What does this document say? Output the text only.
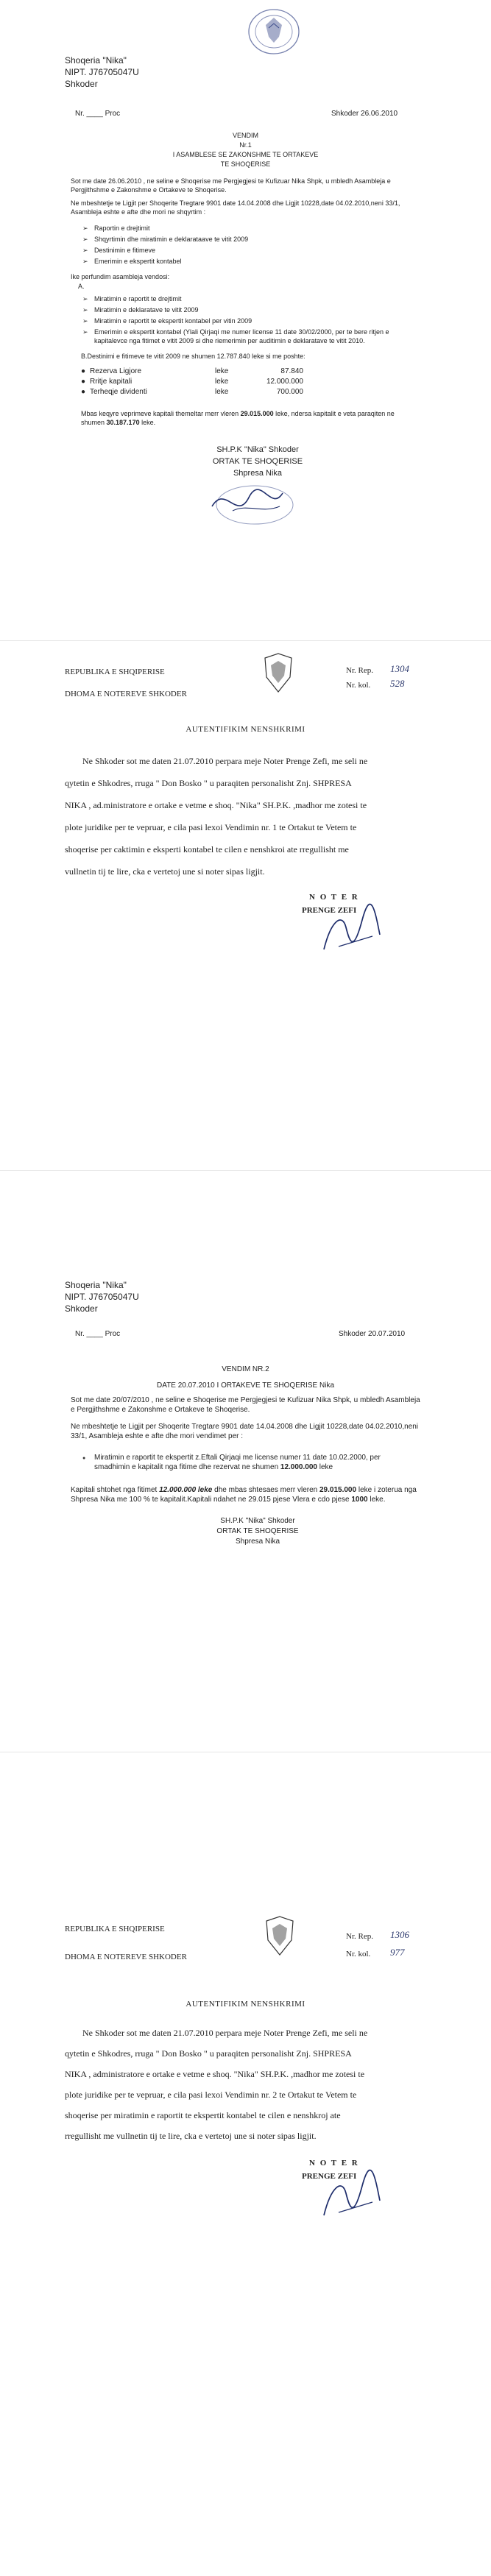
Shoqeria "Nika"

NIPT. J76705047U

Shkoder

Nr. ____ Proc	Shkoder 26.06.2010

VENDIM

Nr.1

I ASAMBLESE SE ZAKONSHME TE ORTAKEVE

TE SHOQERISE

Sot me date 26.06.2010 , ne seline e Shoqerise me Pergjegjesi te Kufizuar Nika Shpk, u mbledh Asambleja e Pergjithshme e Zakonshme e Ortakeve te Shoqerise.

Ne mbeshtetje te Ligjit per Shoqerite Tregtare 9901 date 14.04.2008 dhe Ligjit 10228,date 04.02.2010,neni 33/1, Asambleja eshte e afte dhe mori ne shqyrtim :

➢ Raportin e drejtimit
➢ Shqyrtimin dhe miratimin e deklarataave te vitit 2009
➢ Destinimin e fitimeve
➢ Emerimin e ekspertit kontabel

Ike perfundim asambleja vendosi:

A.

➢ Miratimin e raportit te drejtimit
➢ Miratimin e deklaratave te vitit 2009
➢ Miratimin e raportit te ekspertit kontabel per vitin 2009
➢ Emerimin e ekspertit kontabel (Ylali Qirjaqi me numer license 11 date 30/02/2000, per te bere ritjen e kapitalevce nga fitimet e vitit 2009 si dhe riemerimin per auditimin e deklaratave te vitit 2010.

B.Destinimi e fitimeve te vitit 2009 ne shumen 12.787.840 leke si me poshte:

● Rezerva Ligjore	leke	87.840
● Rritje kapitali	leke	12.000.000
● Terheqje dividenti	leke	700.000

Mbas keqyre veprimeve kapitali themeltar merr vleren 29.015.000 leke, ndersa kapitalit e veta paraqiten ne shumen 30.187.170 leke.

SH.P.K "Nika" Shkoder

ORTAK TE SHOQERISE

Shpresa Nika

REPUBLIKA E SHQIPERISE

DHOMA E NOTEREVE SHKODER

Nr. Rep. 1304

Nr. kol. 528

AUTENTIFIKIM NENSHKRIMI

Ne Shkoder sot me daten 21.07.2010 perpara meje Noter Prenge Zefi, me seli ne

qytetin e Shkodres, rruga " Don Bosko " u paraqiten personalisht Znj. SHPRESA

NIKA , ad.ministratore e ortake e vetme e shoq. "Nika" SH.P.K. ,madhor me zotesi te

plote juridike per te vepruar, e cila pasi lexoi Vendimin nr. 1 te Ortakut te Vetem te

shoqerise per caktimin e eksperti kontabel te cilen e nenshkroi ate rregullisht me

vullnetin tij te lire, cka e vertetoj une si noter sipas ligjit.

N O T E R

PRENGE ZEFI

Shoqeria "Nika"

NIPT. J76705047U

Shkoder

Nr. ____ Proc	Shkoder 20.07.2010

VENDIM NR.2

DATE 20.07.2010 I ORTAKEVE TE SHOQERISE Nika

Sot me date 20/07/2010 , ne seline e Shoqerise me Pergjegjesi te Kufizuar Nika Shpk, u mbledh Asambleja e Pergjithshme e Zakonshme e Ortakeve te Shoqerise.

Ne mbeshtetje te Ligjit per Shoqerite Tregtare 9901 date 14.04.2008 dhe Ligjit 10228,date 04.02.2010,neni 33/1, Asambleja eshte e afte dhe mori vendimet per :

● Miratimin e raportit te ekspertit z.Eftali Qirjaqi me license numer 11 date 10.02.2000, per smadhimin e kapitalit nga fitime dhe rezervat ne shumen 12.000.000 leke

Kapitali shtohet nga fitimet 12.000.000 leke dhe mbas shtesaes merr vleren 29.015.000 leke i zoterua nga Shpresa Nika me 100 % te kapitalit.Kapitali ndahet ne 29.015 pjese Vlera e cdo pjese 1000 leke.

SH.P.K "Nika" Shkoder

ORTAK TE SHOQERISE

Shpresa Nika

REPUBLIKA E SHQIPERISE

DHOMA E NOTEREVE SHKODER

Nr. Rep. 1306

Nr. kol. 977

AUTENTIFIKIM NENSHKRIMI

Ne Shkoder sot me daten 21.07.2010 perpara meje Noter Prenge Zefi, me seli ne

qytetin e Shkodres, rruga " Don Bosko " u paraqiten personalisht Znj. SHPRESA

NIKA , administratore e ortake e vetme e shoq. "Nika" SH.P.K. ,madhor me zotesi te

plote juridike per te vepruar, e cila pasi lexoi Vendimin nr. 2 te Ortakut te Vetem te

shoqerise per miratimin e raportit te ekspertit kontabel te cilen e nenshkroj ate

rregullisht me vullnetin tij te lire, cka e vertetoj une si noter sipas ligjit.

N O T E R

PRENGE ZEFI
